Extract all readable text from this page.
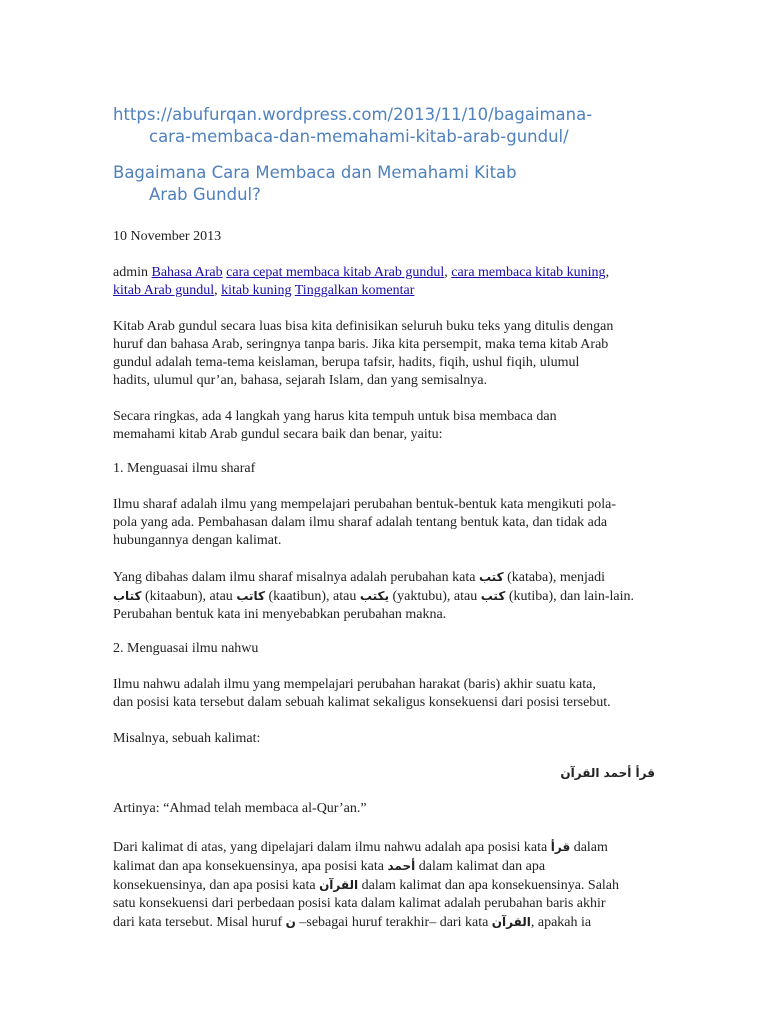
https://abufurqan.wordpress.com/2013/11/10/bagaimana-
cara-membaca-dan-memahami-kitab-arab-gundul/
Bagaimana Cara Membaca dan Memahami Kitab
Arab Gundul?

10 November 2013

admin Bahasa Arab cara cepat membaca kitab Arab gundul, cara membaca kitab kuning,
kitab Arab gundul, kitab kuning Tinggalkan komentar

Kitab Arab gundul secara luas bisa kita definisikan seluruh buku teks yang ditulis dengan
huruf dan bahasa Arab, seringnya tanpa baris. Jika kita persempit, maka tema kitab Arab
gundul adalah tema-tema keislaman, berupa tafsir, hadits, fiqih, ushul fiqih, ulumul
hadits, ulumul qur’an, bahasa, sejarah Islam, dan yang semisalnya.

Secara ringkas, ada 4 langkah yang harus kita tempuh untuk bisa membaca dan
memahami kitab Arab gundul secara baik dan benar, yaitu:

1. Menguasai ilmu sharaf

Ilmu sharaf adalah ilmu yang mempelajari perubahan bentuk-bentuk kata mengikuti pola-
pola yang ada. Pembahasan dalam ilmu sharaf adalah tentang bentuk kata, dan tidak ada
hubungannya dengan kalimat.

Yang dibahas dalam ilmu sharaf misalnya adalah perubahan kata كتب (kataba), menjadi
كتاب (kitaabun), atau كاتب (kaatibun), atau يكتب (yaktubu), atau كتب (kutiba), dan lain-lain.
Perubahan bentuk kata ini menyebabkan perubahan makna.

2. Menguasai ilmu nahwu

Ilmu nahwu adalah ilmu yang mempelajari perubahan harakat (baris) akhir suatu kata,
dan posisi kata tersebut dalam sebuah kalimat sekaligus konsekuensi dari posisi tersebut.

Misalnya, sebuah kalimat:

قرأ أحمد القرآن

Artinya: “Ahmad telah membaca al-Qur’an.”

Dari kalimat di atas, yang dipelajari dalam ilmu nahwu adalah apa posisi kata قرأ dalam
kalimat dan apa konsekuensinya, apa posisi kata أحمد dalam kalimat dan apa
konsekuensinya, dan apa posisi kata القرآن dalam kalimat dan apa konsekuensinya. Salah
satu konsekuensi dari perbedaan posisi kata dalam kalimat adalah perubahan baris akhir
dari kata tersebut. Misal huruf ن –sebagai huruf terakhir– dari kata القرآن, apakah ia
